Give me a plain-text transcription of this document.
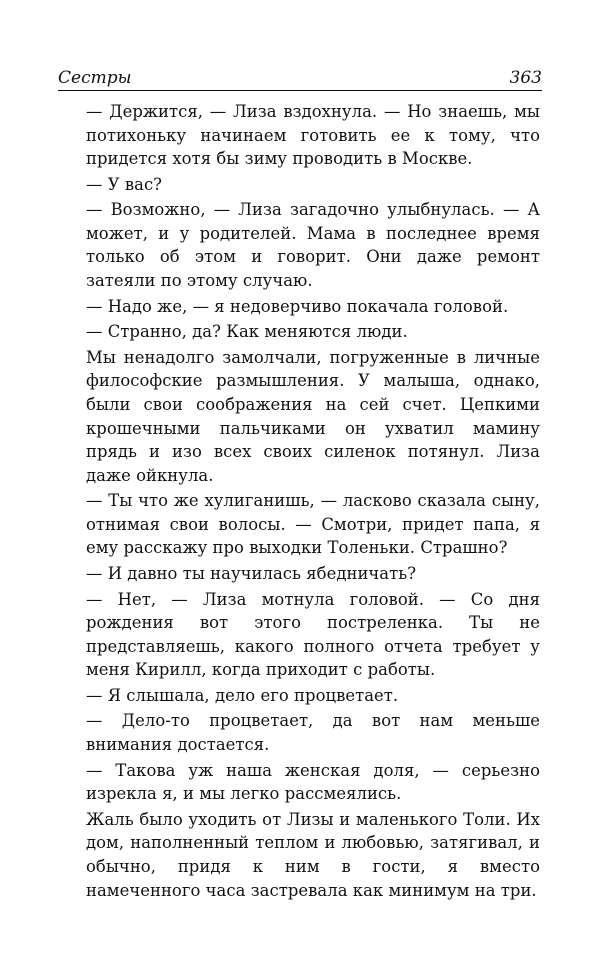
Сестры	363

— Держится, — Лиза вздохнула. — Но знаешь, мы потихоньку начинаем готовить ее к тому, что придется хотя бы зиму проводить в Москве.

— У вас?

— Возможно, — Лиза загадочно улыбнулась. — А может, и у родителей. Мама в последнее время только об этом и говорит. Они даже ремонт затеяли по этому случаю.

— Надо же, — я недоверчиво покачала головой.

— Странно, да? Как меняются люди.

Мы ненадолго замолчали, погруженные в личные философские размышления. У малыша, однако, были свои соображения на сей счет. Цепкими крошечными пальчиками он ухватил мамину прядь и изо всех своих силенок потянул. Лиза даже ойкнула.

— Ты что же хулиганишь, — ласково сказала сыну, отнимая свои волосы. — Смотри, придет папа, я ему расскажу про выходки Толеньки. Страшно?

— И давно ты научилась ябедничать?

— Нет, — Лиза мотнула головой. — Со дня рождения вот этого постреленка. Ты не представляешь, какого полного отчета требует у меня Кирилл, когда приходит с работы.

— Я слышала, дело его процветает.

— Дело-то процветает, да вот нам меньше внимания достается.

— Такова уж наша женская доля, — серьезно изрекла я, и мы легко рассмеялись.

Жаль было уходить от Лизы и маленького Толи. Их дом, наполненный теплом и любовью, затягивал, и обычно, придя к ним в гости, я вместо намеченного часа застревала как минимум на три.
